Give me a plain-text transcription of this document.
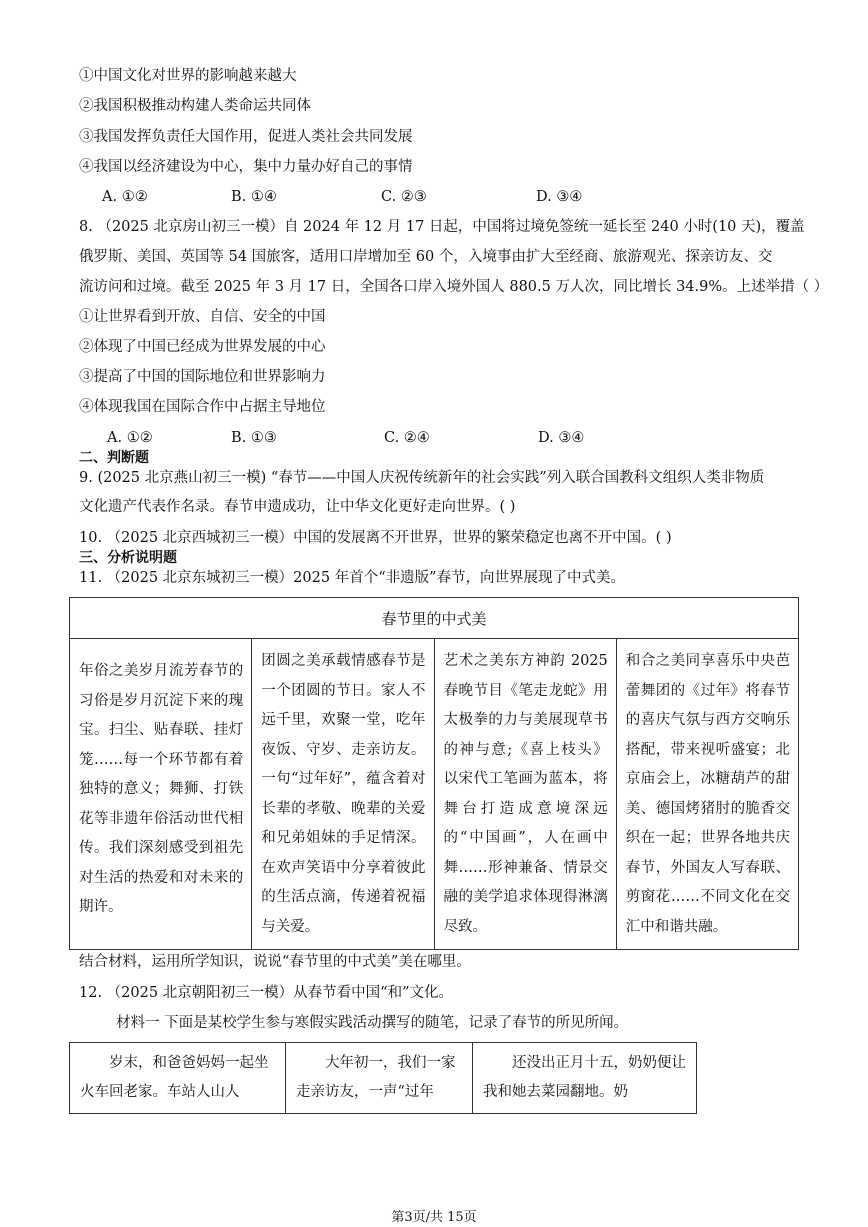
①中国文化对世界的影响越来越大
②我国积极推动构建人类命运共同体
③我国发挥负责任大国作用，促进人类社会共同发展
④我国以经济建设为中心，集中力量办好自己的事情
A. ①②	B. ①④	C. ②③	D. ③④
8. （2025 北京房山初三一模）自 2024 年 12 月 17 日起，中国将过境免签统一延长至 240 小时(10 天)，覆盖
俄罗斯、美国、英国等 54 国旅客，适用口岸增加至 60 个，入境事由扩大至经商、旅游观光、探亲访友、交
流访问和过境。截至 2025 年 3 月 17 日，全国各口岸入境外国人 880.5 万人次，同比增长 34.9%。上述举措（ ）
①让世界看到开放、自信、安全的中国
②体现了中国已经成为世界发展的中心
③提高了中国的国际地位和世界影响力
④体现我国在国际合作中占据主导地位
A. ①②	B. ①③	C. ②④	D. ③④
二、判断题
9. (2025 北京燕山初三一模) “春节——中国人庆祝传统新年的社会实践”列入联合国教科文组织人类非物质
文化遗产代表作名录。春节申遗成功，让中华文化更好走向世界。( )
10. （2025 北京西城初三一模）中国的发展离不开世界，世界的繁荣稳定也离不开中国。( )
三、分析说明题
11. （2025 北京东城初三一模）2025 年首个“非遗版”春节，向世界展现了中式美。
春节里的中式美

年俗之美岁月流芳春节的习俗是岁月沉淀下来的瑰宝。扫尘、贴春联、挂灯笼……每一个环节都有着独特的意义；舞狮、打铁花等非遗年俗活动世代相传。我们深刻感受到祖先对生活的热爱和对未来的期许。

团圆之美承载情感春节是一个团圆的节日。家人不远千里，欢聚一堂，吃年夜饭、守岁、走亲访友。一句“过年好”，蕴含着对长辈的孝敬、晚辈的关爱和兄弟姐妹的手足情深。在欢声笑语中分享着彼此的生活点滴，传递着祝福与关爱。

艺术之美东方神韵 2025 春晚节目《笔走龙蛇》用太极拳的力与美展现草书的神与意;《喜上枝头》以宋代工笔画为蓝本，将舞台打造成意境深远的“中国画”，人在画中舞……形神兼备、情景交融的美学追求体现得淋漓尽致。

和合之美同享喜乐中央芭蕾舞团的《过年》将春节的喜庆气氛与西方交响乐搭配，带来视听盛宴；北京庙会上，冰糖葫芦的甜美、德国烤猪肘的脆香交织在一起；世界各地共庆春节，外国友人写春联、剪窗花……不同文化在交汇中和谐共融。
结合材料，运用所学知识，说说“春节里的中式美”美在哪里。
12. （2025 北京朝阳初三一模）从春节看中国“和”文化。
材料一 下面是某校学生参与寒假实践活动撰写的随笔，记录了春节的所见所闻。
岁末，和爸爸妈妈一起坐火车回老家。车站人山人	大年初一，我们一家走亲访友，一声“过年	还没出正月十五，奶奶便让我和她去菜园翻地。奶
第3页/共 15页
